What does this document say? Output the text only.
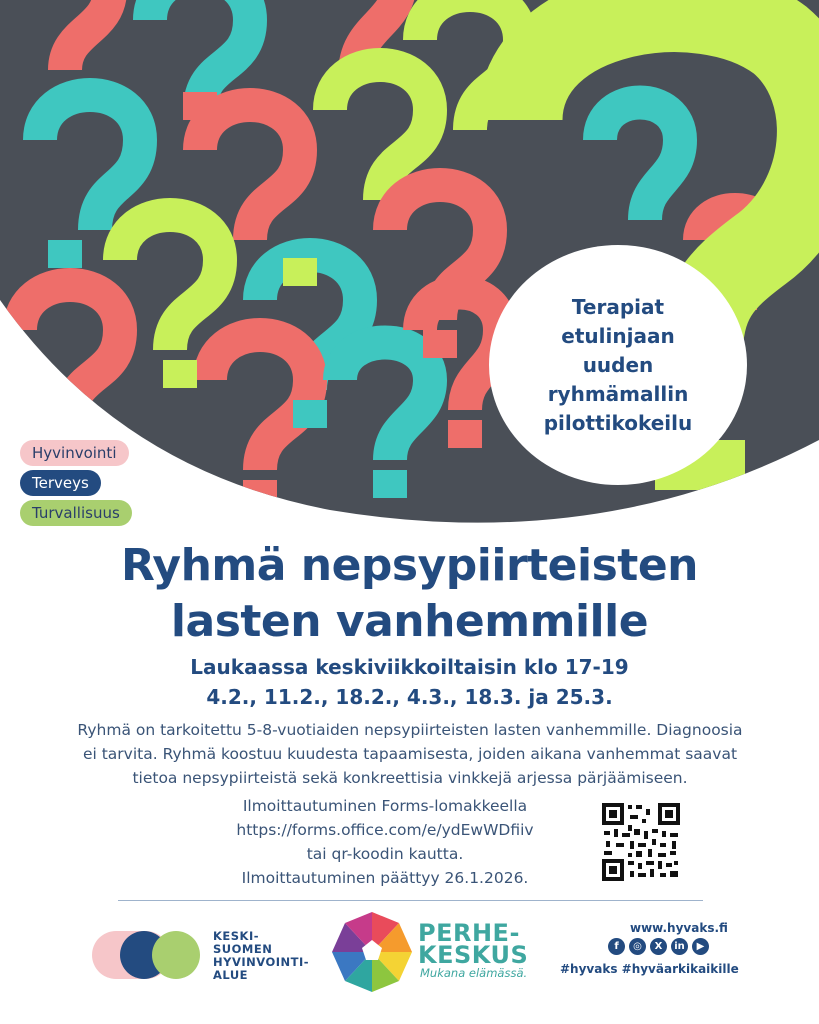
Terapiat
etulinjaan
uuden
ryhmämallin
pilottikokeilu
Hyvinvointi
Terveys
Turvallisuus
Ryhmä nepsypiirteisten
lasten vanhemmille
Laukaassa keskiviikkoiltaisin klo 17-19
4.2., 11.2., 18.2., 4.3., 18.3. ja 25.3.
Ryhmä on tarkoitettu 5-8-vuotiaiden nepsypiirteisten lasten vanhemmille. Diagnoosia
ei tarvita. Ryhmä koostuu kuudesta tapaamisesta, joiden aikana vanhemmat saavat
tietoa nepsypiirteistä sekä konkreettisia vinkkejä arjessa pärjäämiseen.
Ilmoittautuminen Forms-lomakkeella
https://forms.office.com/e/ydEwWDfiiv
tai qr-koodin kautta.
Ilmoittautuminen päättyy 26.1.2026.
KESKI-
SUOMEN
HYVINVOINTI-
ALUE
PERHE-
KESKUS
Mukana elämässä.
www.hyvaks.fi
f	◎	X	in	▶
#hyvaks #hyväarkikaikille
